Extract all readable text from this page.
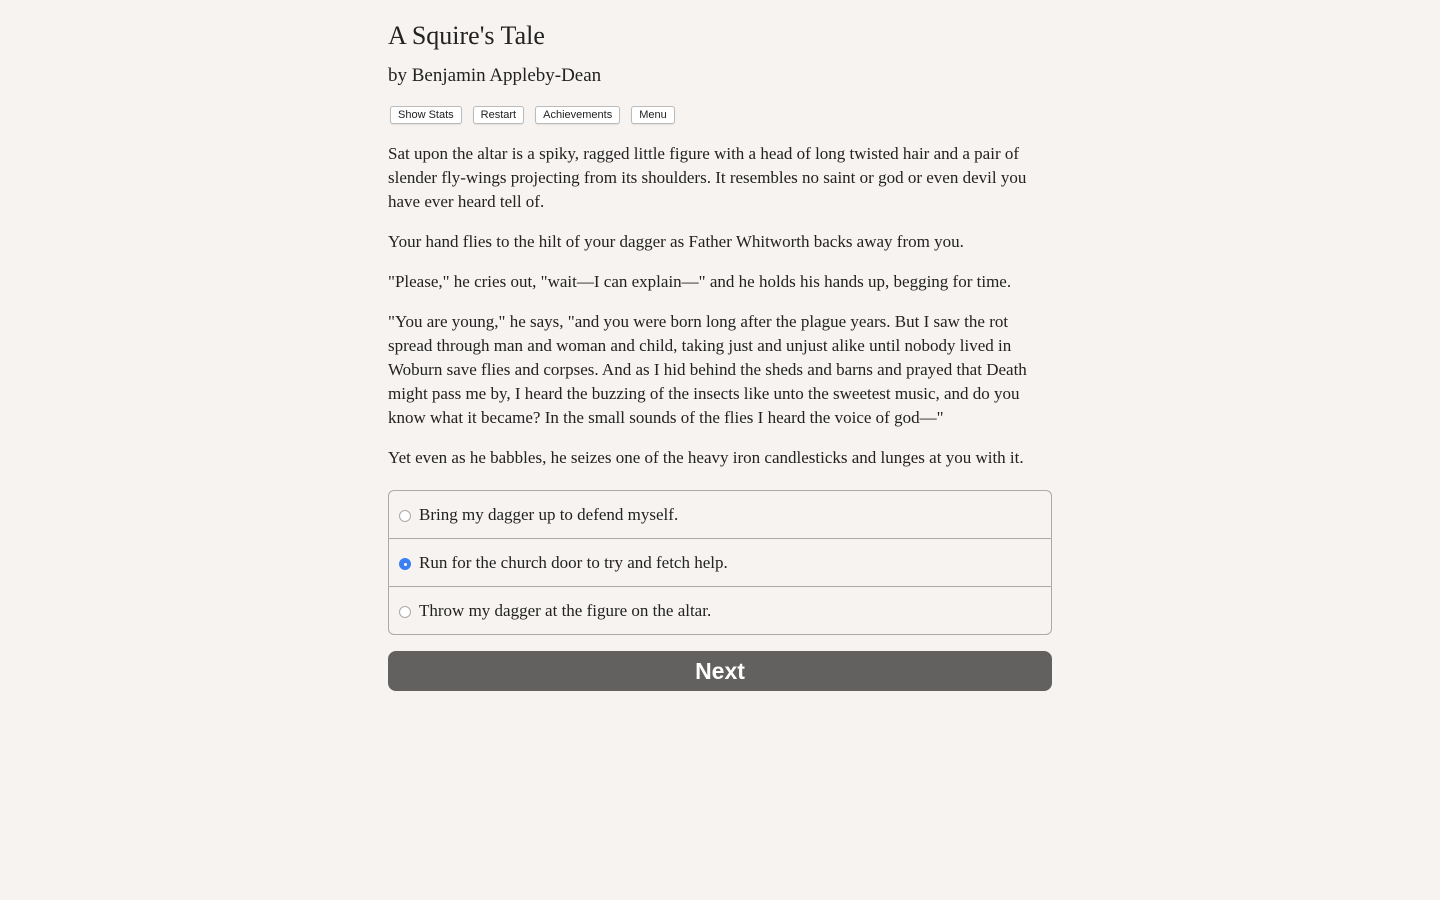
A Squire's Tale
by Benjamin Appleby-Dean
Show Stats	Restart	Achievements	Menu

Sat upon the altar is a spiky, ragged little figure with a head of long twisted hair and a pair of slender fly-wings projecting from its shoulders. It resembles no saint or god or even devil you have ever heard tell of.

Your hand flies to the hilt of your dagger as Father Whitworth backs away from you.

"Please," he cries out, "wait—I can explain—" and he holds his hands up, begging for time.

"You are young," he says, "and you were born long after the plague years. But I saw the rot spread through man and woman and child, taking just and unjust alike until nobody lived in Woburn save flies and corpses. And as I hid behind the sheds and barns and prayed that Death might pass me by, I heard the buzzing of the insects like unto the sweetest music, and do you know what it became? In the small sounds of the flies I heard the voice of god—"

Yet even as he babbles, he seizes one of the heavy iron candlesticks and lunges at you with it.

Bring my dagger up to defend myself.
Run for the church door to try and fetch help.
Throw my dagger at the figure on the altar.
Next
